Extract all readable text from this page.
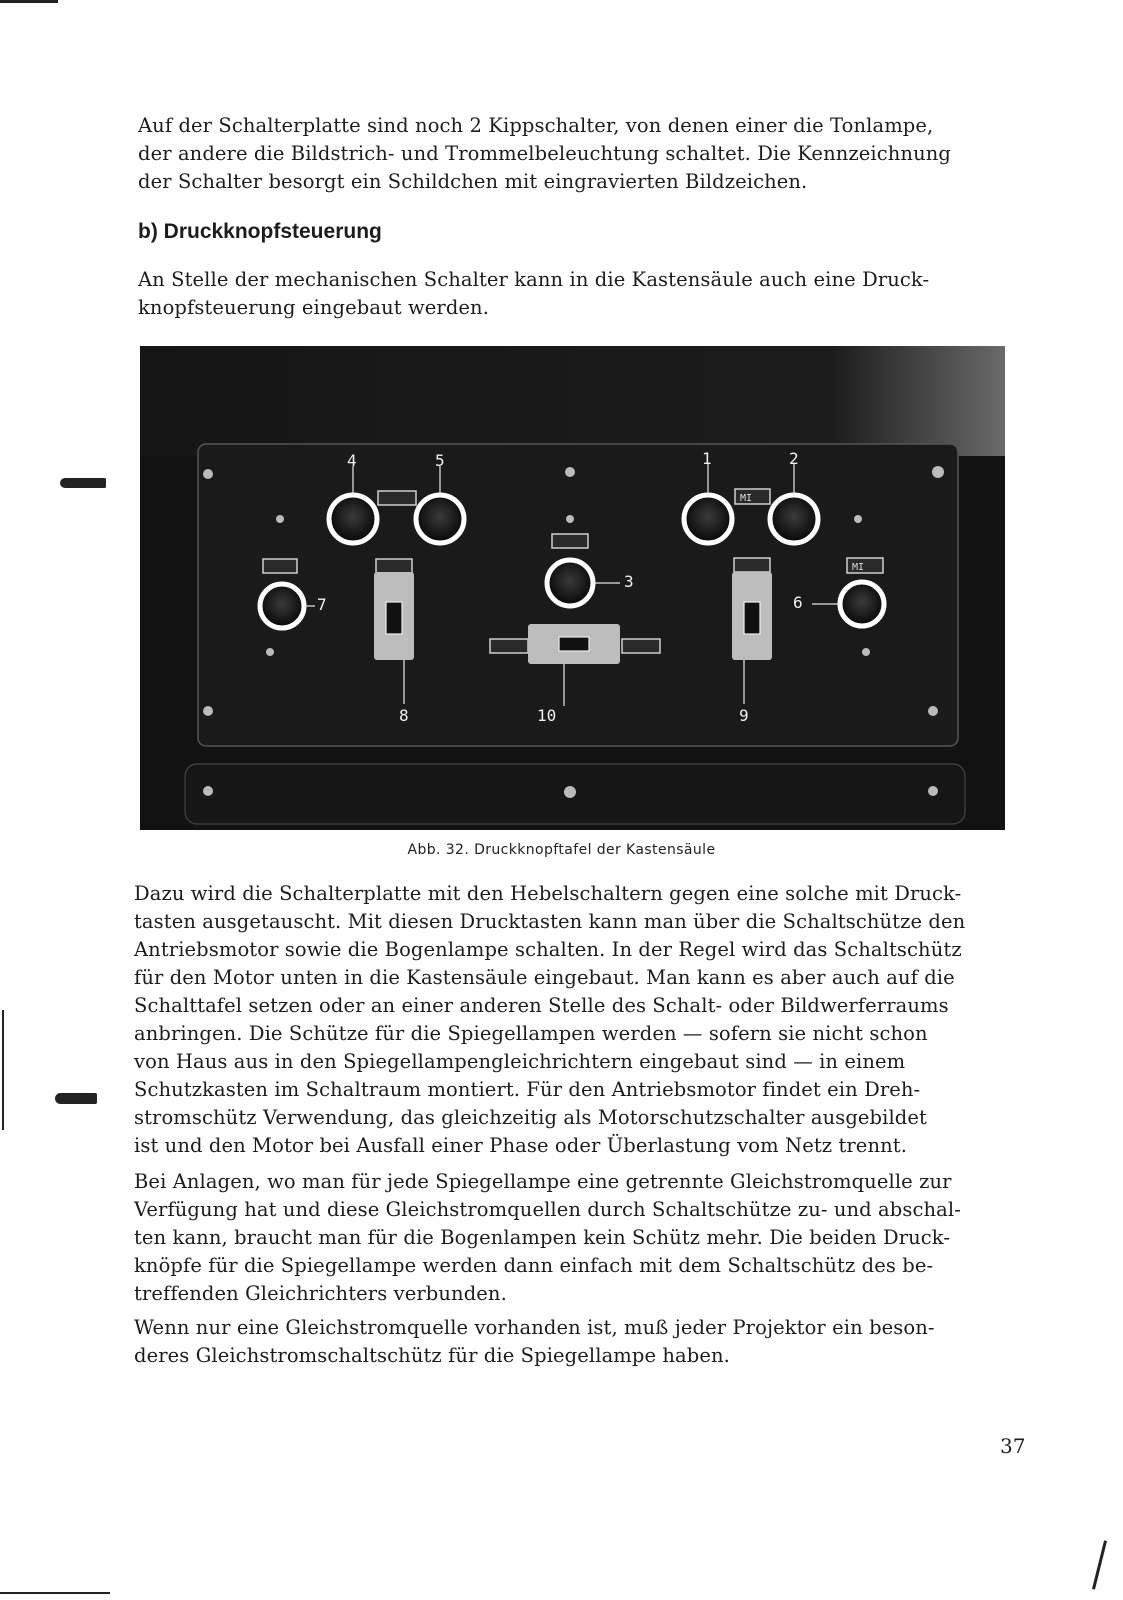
Auf der Schalterplatte sind noch 2 Kippschalter, von denen einer die Tonlampe,
der andere die Bildstrich- und Trommelbeleuchtung schaltet. Die Kennzeichnung
der Schalter besorgt ein Schildchen mit eingravierten Bildzeichen.

b) Druckknopfsteuerung

An Stelle der mechanischen Schalter kann in die Kastensäule auch eine Druck-
knopfsteuerung eingebaut werden.

MI
MI
4	5	1	2
3
7	6
8	10	9
Abb. 32. Druckknopftafel der Kastensäule

Dazu wird die Schalterplatte mit den Hebelschaltern gegen eine solche mit Druck-
tasten ausgetauscht. Mit diesen Drucktasten kann man über die Schaltschütze den
Antriebsmotor sowie die Bogenlampe schalten. In der Regel wird das Schaltschütz
für den Motor unten in die Kastensäule eingebaut. Man kann es aber auch auf die
Schalttafel setzen oder an einer anderen Stelle des Schalt- oder Bildwerferraums
anbringen. Die Schütze für die Spiegellampen werden — sofern sie nicht schon
von Haus aus in den Spiegellampengleichrichtern eingebaut sind — in einem
Schutzkasten im Schaltraum montiert. Für den Antriebsmotor findet ein Dreh-
stromschütz Verwendung, das gleichzeitig als Motorschutzschalter ausgebildet
ist und den Motor bei Ausfall einer Phase oder Überlastung vom Netz trennt.

Bei Anlagen, wo man für jede Spiegellampe eine getrennte Gleichstromquelle zur
Verfügung hat und diese Gleichstromquellen durch Schaltschütze zu- und abschal-
ten kann, braucht man für die Bogenlampen kein Schütz mehr. Die beiden Druck-
knöpfe für die Spiegellampe werden dann einfach mit dem Schaltschütz des be-
treffenden Gleichrichters verbunden.

Wenn nur eine Gleichstromquelle vorhanden ist, muß jeder Projektor ein beson-
deres Gleichstromschaltschütz für die Spiegellampe haben.

37
